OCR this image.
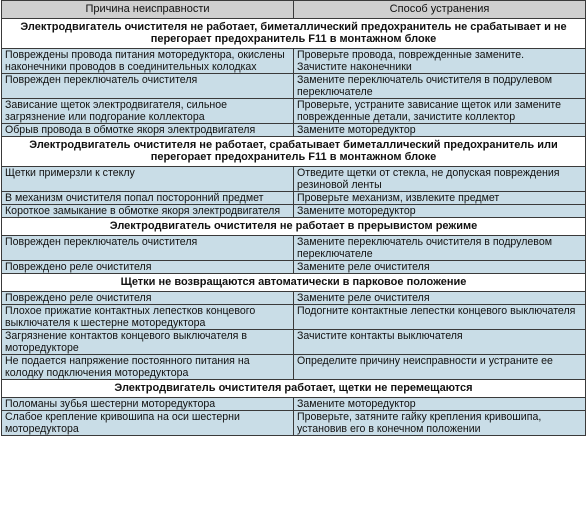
Причина неисправности	Способ устранения
Электродвигатель очистителя не работает, биметаллический предохранитель не срабатывает и не перегорает предохранитель F11 в монтажном блоке	
Повреждены провода питания моторедуктора, окислены наконечники проводов в соединительных колодках	Проверьте провода, поврежденные замените.
Зачистите наконечники
Поврежден переключатель очистителя	Замените переключатель очистителя в подрулевом переключателе
Зависание щеток электродвигателя, сильное загрязнение или подгорание коллектора	Проверьте, устраните зависание щеток или замените поврежденные детали, зачистите коллектор
Обрыв провода в обмотке якоря электродвигателя	Замените моторедуктор
Электродвигатель очистителя не работает, срабатывает биметаллический предохранитель или перегорает предохранитель F11 в монтажном блоке	
Щетки примерзли к стеклу	Отведите щетки от стекла, не допуская повреждения резиновой ленты
В механизм очистителя попал посторонний предмет	Проверьте механизм, извлеките предмет
Короткое замыкание в обмотке якоря электродвигателя	Замените моторедуктор
Электродвигатель очистителя не работает в прерывистом режиме	
Поврежден переключатель очистителя	Замените переключатель очистителя в подрулевом переключателе
Повреждено реле очистителя	Замените реле очистителя
Щетки не возвращаются автоматически в парковое положение	
Повреждено реле очистителя	Замените реле очистителя
Плохое прижатие контактных лепестков концевого выключателя к шестерне моторедуктора	Подогните контактные лепестки концевого выключателя
Загрязнение контактов концевого выключателя в моторедукторе	Зачистите контакты выключателя
Не подается напряжение постоянного питания на колодку подключения моторедуктора	Определите причину неисправности и устраните ее
Электродвигатель очистителя работает, щетки не перемещаются	
Поломаны зубья шестерни моторедуктора	Замените моторедуктор
Слабое крепление кривошипа на оси шестерни моторедуктора	Проверьте, затяните гайку крепления кривошипа, установив его в конечном положении
